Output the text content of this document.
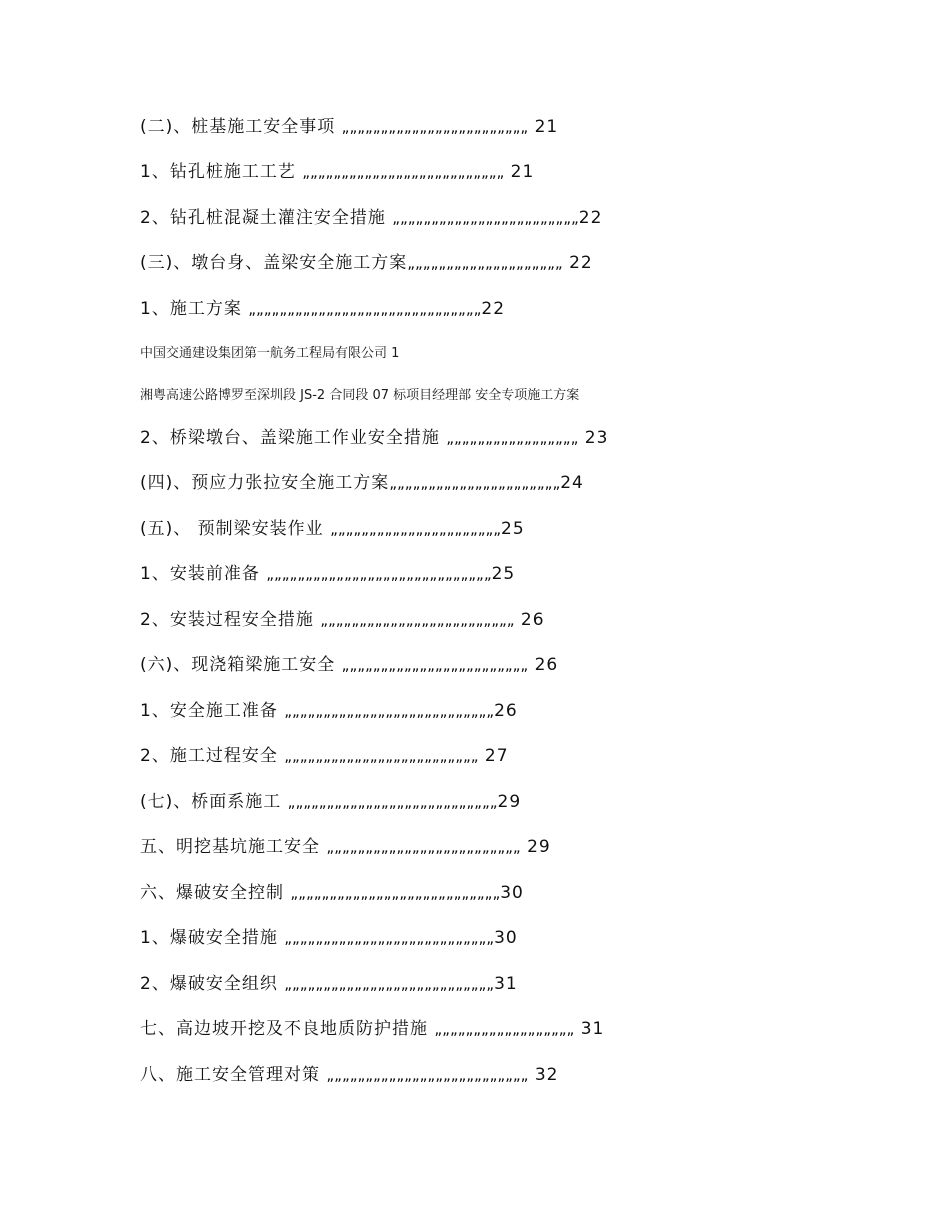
(二)、桩基施工安全事项 „„„„„„„„„„„„„„„„„„„„„„„„ 21
1、钻孔桩施工工艺 „„„„„„„„„„„„„„„„„„„„„„„„„„ 21
2、钻孔桩混凝土灌注安全措施 „„„„„„„„„„„„„„„„„„„„„„„„22
(三)、墩台身、盖梁安全施工方案„„„„„„„„„„„„„„„„„„„„ 22
1、施工方案 „„„„„„„„„„„„„„„„„„„„„„„„„„„„„„22
中国交通建设集团第一航务工程局有限公司 1
湘粤高速公路博罗至深圳段 JS-2 合同段 07 标项目经理部 安全专项施工方案
2、桥梁墩台、盖梁施工作业安全措施 „„„„„„„„„„„„„„„„„ 23
(四)、预应力张拉安全施工方案„„„„„„„„„„„„„„„„„„„„„„24
(五)、 预制梁安装作业 „„„„„„„„„„„„„„„„„„„„„„25
1、安装前准备 „„„„„„„„„„„„„„„„„„„„„„„„„„„„„25
2、安装过程安全措施 „„„„„„„„„„„„„„„„„„„„„„„„„ 26
(六)、现浇箱梁施工安全 „„„„„„„„„„„„„„„„„„„„„„„„ 26
1、安全施工准备 „„„„„„„„„„„„„„„„„„„„„„„„„„„26
2、施工过程安全 „„„„„„„„„„„„„„„„„„„„„„„„„ 27
(七)、桥面系施工 „„„„„„„„„„„„„„„„„„„„„„„„„„„29
五、明挖基坑施工安全 „„„„„„„„„„„„„„„„„„„„„„„„„ 29
六、爆破安全控制 „„„„„„„„„„„„„„„„„„„„„„„„„„„30
1、爆破安全措施 „„„„„„„„„„„„„„„„„„„„„„„„„„„30
2、爆破安全组织 „„„„„„„„„„„„„„„„„„„„„„„„„„„31
七、高边坡开挖及不良地质防护措施 „„„„„„„„„„„„„„„„„„ 31
八、施工安全管理对策 „„„„„„„„„„„„„„„„„„„„„„„„„„ 32
